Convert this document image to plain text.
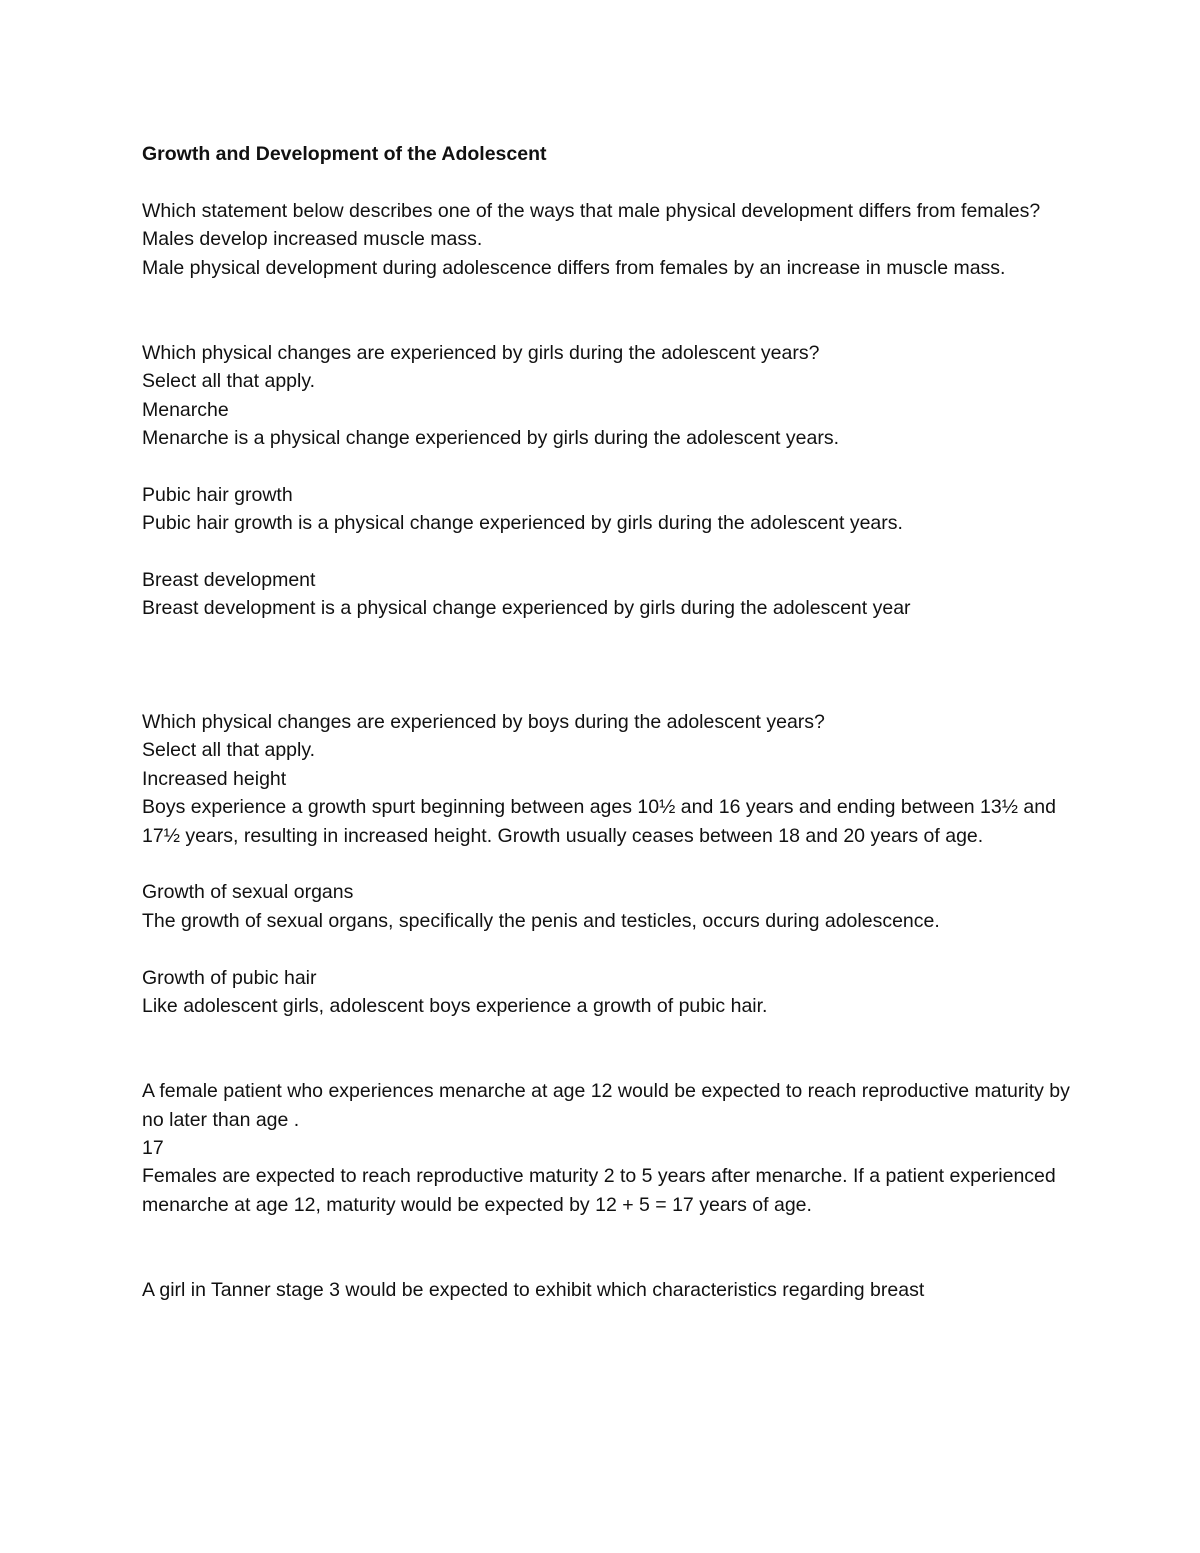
Growth and Development of the Adolescent
Which statement below describes one of the ways that male physical development differs from females?
Males develop increased muscle mass.
Male physical development during adolescence differs from females by an increase in muscle mass.
Which physical changes are experienced by girls during the adolescent years?
Select all that apply.
Menarche
Menarche is a physical change experienced by girls during the adolescent years.
Pubic hair growth
Pubic hair growth is a physical change experienced by girls during the adolescent years.
Breast development
Breast development is a physical change experienced by girls during the adolescent year
Which physical changes are experienced by boys during the adolescent years?
Select all that apply.
Increased height
Boys experience a growth spurt beginning between ages 10½ and 16 years and ending between 13½ and 17½ years, resulting in increased height. Growth usually ceases between 18 and 20 years of age.
Growth of sexual organs
The growth of sexual organs, specifically the penis and testicles, occurs during adolescence.
Growth of pubic hair
Like adolescent girls, adolescent boys experience a growth of pubic hair.
A female patient who experiences menarche at age 12 would be expected to reach reproductive maturity by no later than age .
17
Females are expected to reach reproductive maturity 2 to 5 years after menarche. If a patient experienced menarche at age 12, maturity would be expected by 12 + 5 = 17 years of age.
A girl in Tanner stage 3 would be expected to exhibit which characteristics regarding breast
